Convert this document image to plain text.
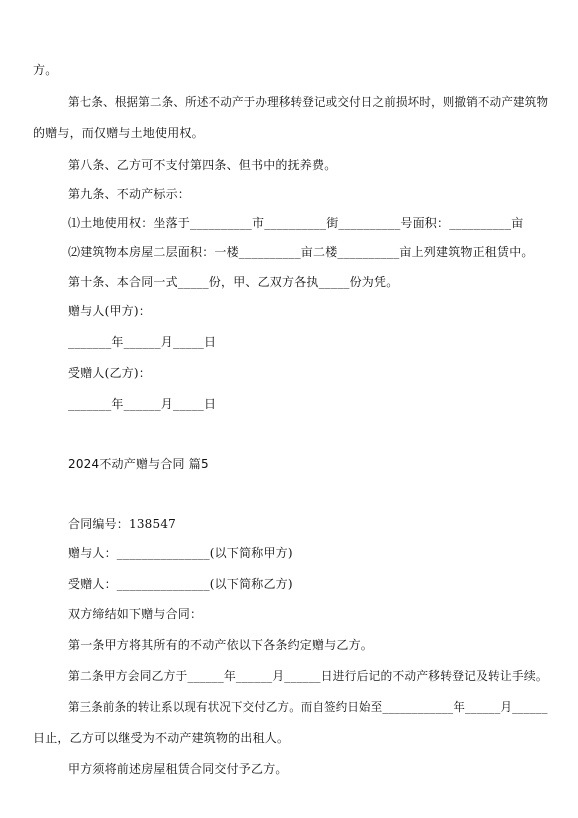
方。
第七条、根据第二条、所述不动产于办理移转登记或交付日之前损坏时，则撤销不动产建筑物
的赠与，而仅赠与土地使用权。
第八条、乙方可不支付第四条、但书中的抚养费。
第九条、不动产标示：
⑴土地使用权：坐落于__________市__________街__________号面积：__________亩
⑵建筑物本房屋二层面积：一楼__________亩二楼__________亩上列建筑物正租赁中。
第十条、本合同一式_____份，甲、乙双方各执_____份为凭。
赠与人(甲方)：
_______年______月_____日
受赠人(乙方)：
_______年______月_____日
2024不动产赠与合同 篇5
合同编号：138547
赠与人：_______________(以下简称甲方)
受赠人：_______________(以下简称乙方)
双方缔结如下赠与合同：
第一条甲方将其所有的不动产依以下各条约定赠与乙方。
第二条甲方会同乙方于______年______月______日进行后记的不动产移转登记及转让手续。
第三条前条的转让系以现有状况下交付乙方。而自签约日始至____________年______月______
日止，乙方可以继受为不动产建筑物的出租人。
甲方须将前述房屋租赁合同交付予乙方。
